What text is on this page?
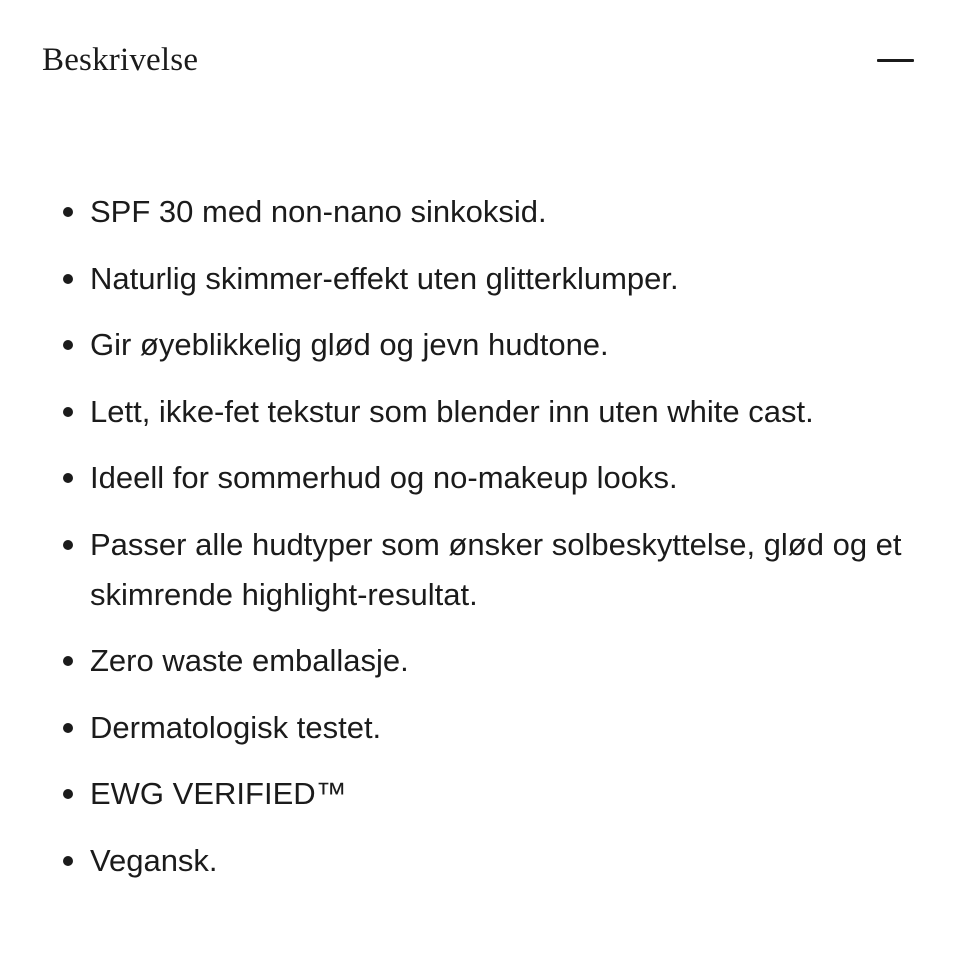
Beskrivelse
SPF 30 med non-nano sinkoksid.
Naturlig skimmer-effekt uten glitterklumper.
Gir øyeblikkelig glød og jevn hudtone.
Lett, ikke-fet tekstur som blender inn uten white cast.
Ideell for sommerhud og no-makeup looks.
Passer alle hudtyper som ønsker solbeskyttelse, glød og et skimrende highlight-resultat.
Zero waste emballasje.
Dermatologisk testet.
EWG VERIFIED™
Vegansk.
